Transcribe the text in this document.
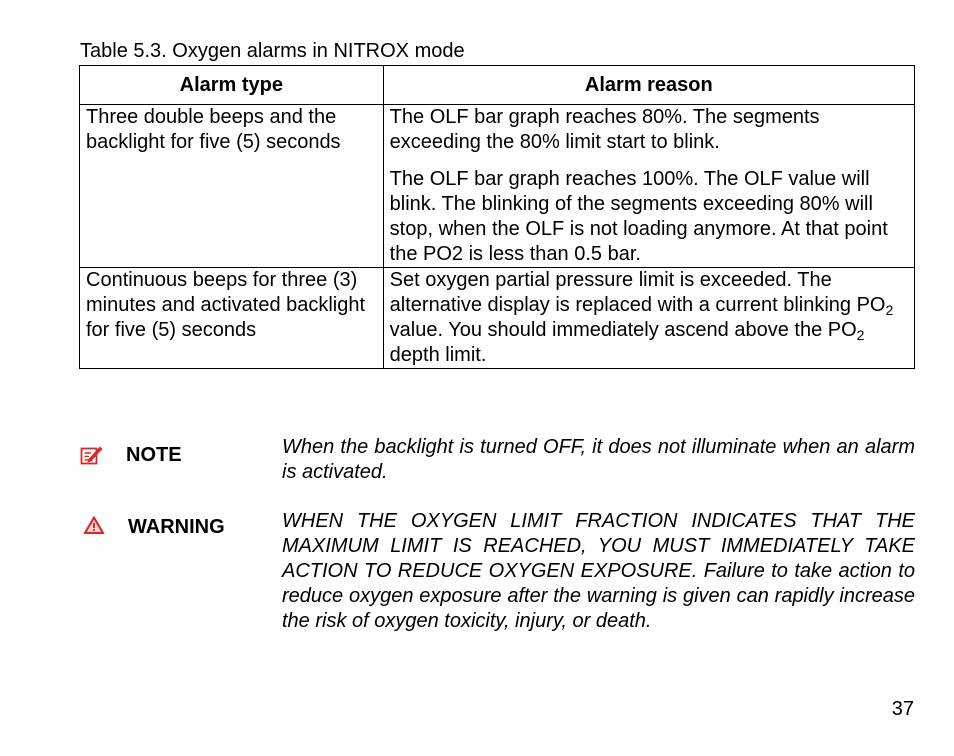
Table 5.3. Oxygen alarms in NITROX mode
Alarm type	Alarm reason

Three double beeps and the backlight for five (5) seconds	The OLF bar graph reaches 80%. The segments exceeding the 80% limit start to blink.

The OLF bar graph reaches 100%. The OLF value will blink. The blinking of the segments exceeding 80% will stop, when the OLF is not loading anymore. At that point the PO2 is less than 0.5 bar.

Continuous beeps for three (3) minutes and activated backlight for five (5) seconds	Set oxygen partial pressure limit is exceeded. The alternative display is replaced with a current blinking $PO_2$ value. You should immediately ascend above the $PO_2$ depth limit.

NOTE	When the backlight is turned OFF, it does not illuminate when an alarm is activated.
WARNING	WHEN THE OXYGEN LIMIT FRACTION INDICATES THAT THE MAXIMUM LIMIT IS REACHED, YOU MUST IMMEDIATELY TAKE ACTION TO REDUCE OXYGEN EXPOSURE. Failure to take action to reduce oxygen exposure after the warning is given can rapidly increase the risk of oxygen toxicity, injury, or death.
37
